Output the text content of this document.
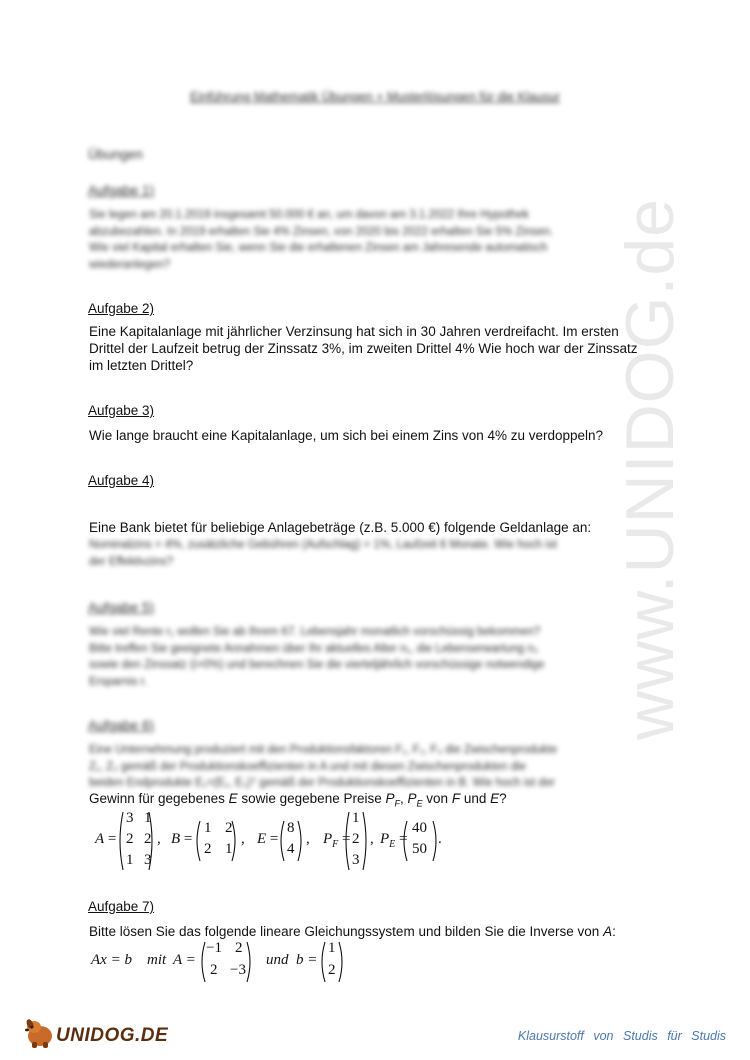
www.UNIDOG.de
Einführung Mathematik Übungen + Musterlösungen für die Klausur
Übungen
Aufgabe 1)
Sie legen am 20.1.2019 insgesamt 50.000 € an, um davon am 3.1.2022 Ihre Hypothek
abzubezahlen. In 2019 erhalten Sie 4% Zinsen, von 2020 bis 2022 erhalten Sie 5% Zinsen.
Wie viel Kapital erhalten Sie, wenn Sie die erhaltenen Zinsen am Jahresende automatisch
wiederanlegen?
Aufgabe 2)
Eine Kapitalanlage mit jährlicher Verzinsung hat sich in 30 Jahren verdreifacht. Im ersten
Drittel der Laufzeit betrug der Zinssatz 3%, im zweiten Drittel 4% Wie hoch war der Zinssatz
im letzten Drittel?
Aufgabe 3)
Wie lange braucht eine Kapitalanlage, um sich bei einem Zins von 4% zu verdoppeln?
Aufgabe 4)
Eine Bank bietet für beliebige Anlagebeträge (z.B. 5.000 €) folgende Geldanlage an:
Nominalzins = 4%, zusätzliche Gebühren (Aufschlag) = 1%, Laufzeit 6 Monate. Wie hoch ist
der Effektivzins?
Aufgabe 5)
Wie viel Rente r₁ wollen Sie ab Ihrem 67. Lebensjahr monatlich vorschüssig bekommen?
Bitte treffen Sie geeignete Annahmen über Ihr aktuelles Alter n₁, die Lebenserwartung n₂
sowie den Zinssatz (i>0%) und berechnen Sie die vierteljährlich vorschüssige notwendige
Ersparnis r.
Aufgabe 6)
Eine Unternehmung produziert mit den Produktionsfaktoren F₁, F₂, F₃ die Zwischenprodukte
Z₁, Z₂ gemäß der Produktionskoeffizienten in A und mit diesen Zwischenprodukten die
beiden Endprodukte E₁=(E₁, E₂)ᵀ gemäß der Produktionskoeffizienten in B. Wie hoch ist der
Gewinn für gegebenes E sowie gegebene Preise $P_F$, $P_E$ von F und E?
A =
3 1
2 2
1 3
, B =
1 2
2 1
, E =
8
4
, $P_F$ =
1
2
3
, $P_E$ =
40
50
.
Aufgabe 7)
Bitte lösen Sie das folgende lineare Gleichungssystem und bilden Sie die Inverse von A:
Ax = b mit A =
−1 2
2 −3
und b =
1
2
UNIDOG.DE	Klausurstoff von Studis für Studis
